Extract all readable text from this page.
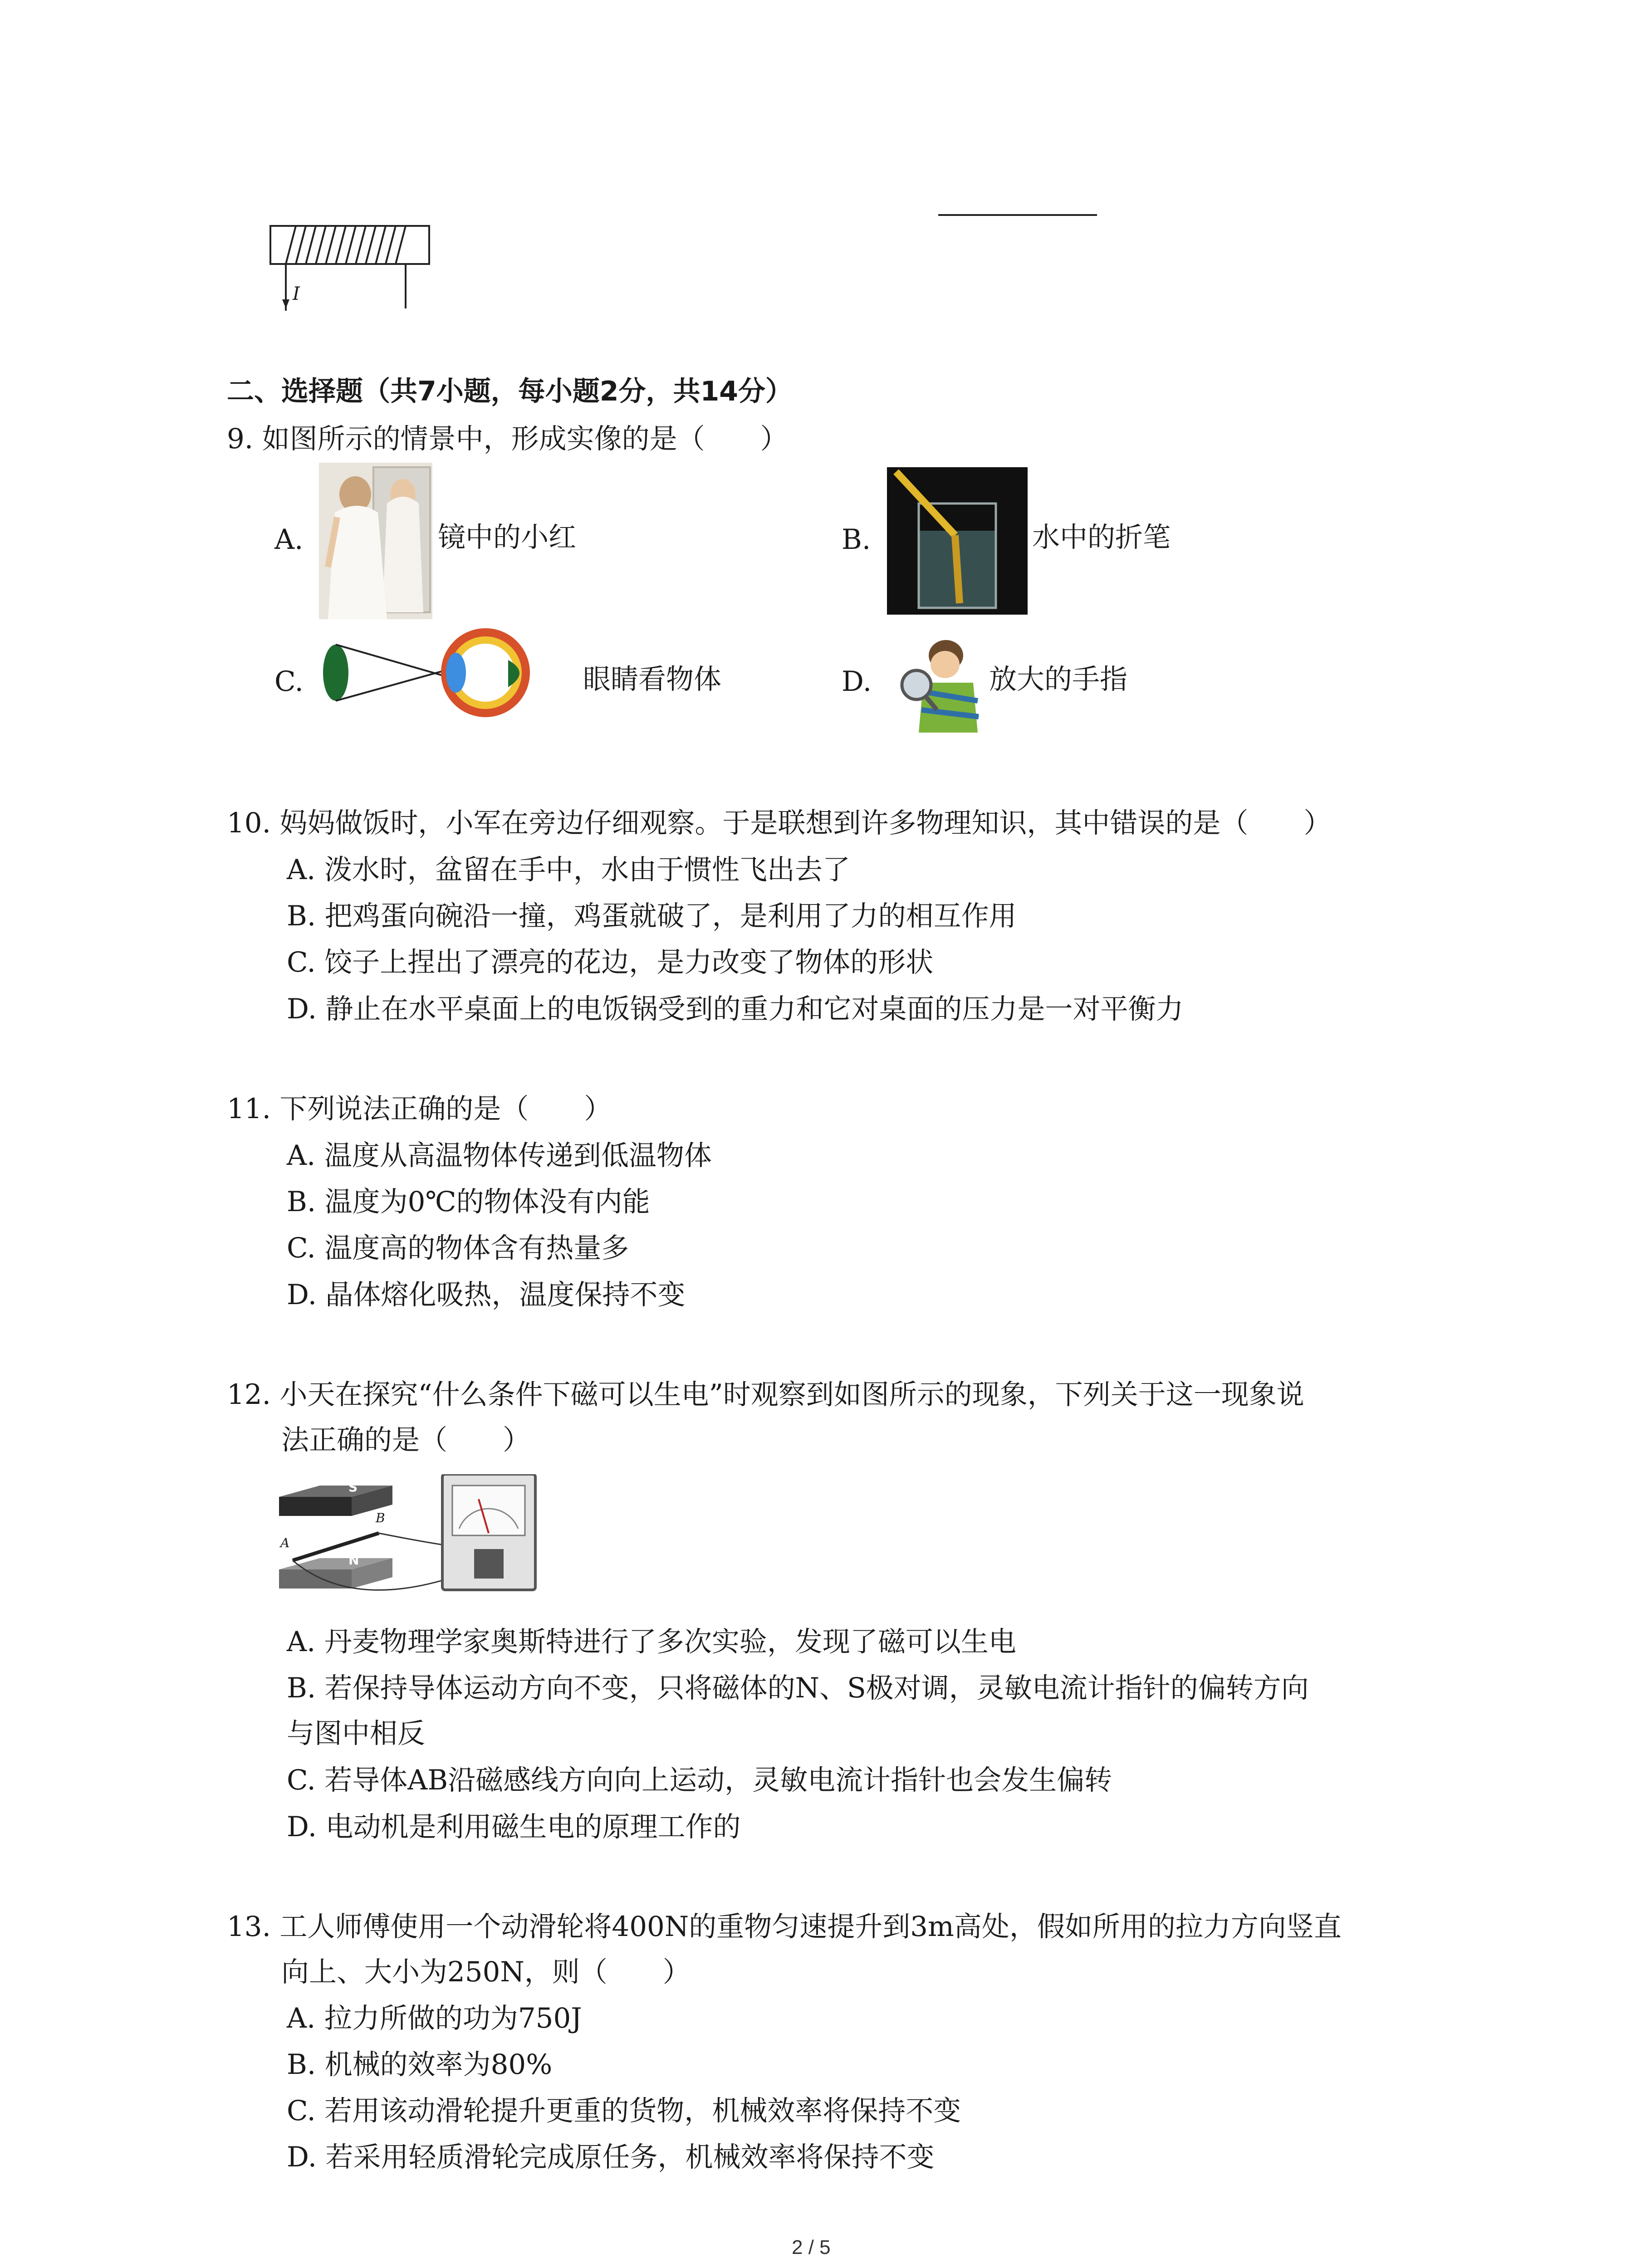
I
二、选择题（共7小题，每小题2分，共14分）
9. 如图所示的情景中，形成实像的是（　　）
A.	镜中的小红	B.	水中的折笔
C.	眼睛看物体	D.	放大的手指
10. 妈妈做饭时，小军在旁边仔细观察。于是联想到许多物理知识，其中错误的是（　　）
A. 泼水时，盆留在手中，水由于惯性飞出去了
B. 把鸡蛋向碗沿一撞，鸡蛋就破了，是利用了力的相互作用
C. 饺子上捏出了漂亮的花边，是力改变了物体的形状
D. 静止在水平桌面上的电饭锅受到的重力和它对桌面的压力是一对平衡力
11. 下列说法正确的是（　　）
A. 温度从高温物体传递到低温物体
B. 温度为0℃的物体没有内能
C. 温度高的物体含有热量多
D. 晶体熔化吸热，温度保持不变
12. 小天在探究“什么条件下磁可以生电”时观察到如图所示的现象，下列关于这一现象说
法正确的是（　　）
S
N
A
B
A. 丹麦物理学家奥斯特进行了多次实验，发现了磁可以生电
B. 若保持导体运动方向不变，只将磁体的N、S极对调，灵敏电流计指针的偏转方向
与图中相反
C. 若导体AB沿磁感线方向向上运动，灵敏电流计指针也会发生偏转
D. 电动机是利用磁生电的原理工作的
13. 工人师傅使用一个动滑轮将400N的重物匀速提升到3m高处，假如所用的拉力方向竖直
向上、大小为250N，则（　　）
A. 拉力所做的功为750J
B. 机械的效率为80%
C. 若用该动滑轮提升更重的货物，机械效率将保持不变
D. 若采用轻质滑轮完成原任务，机械效率将保持不变
2 / 5
